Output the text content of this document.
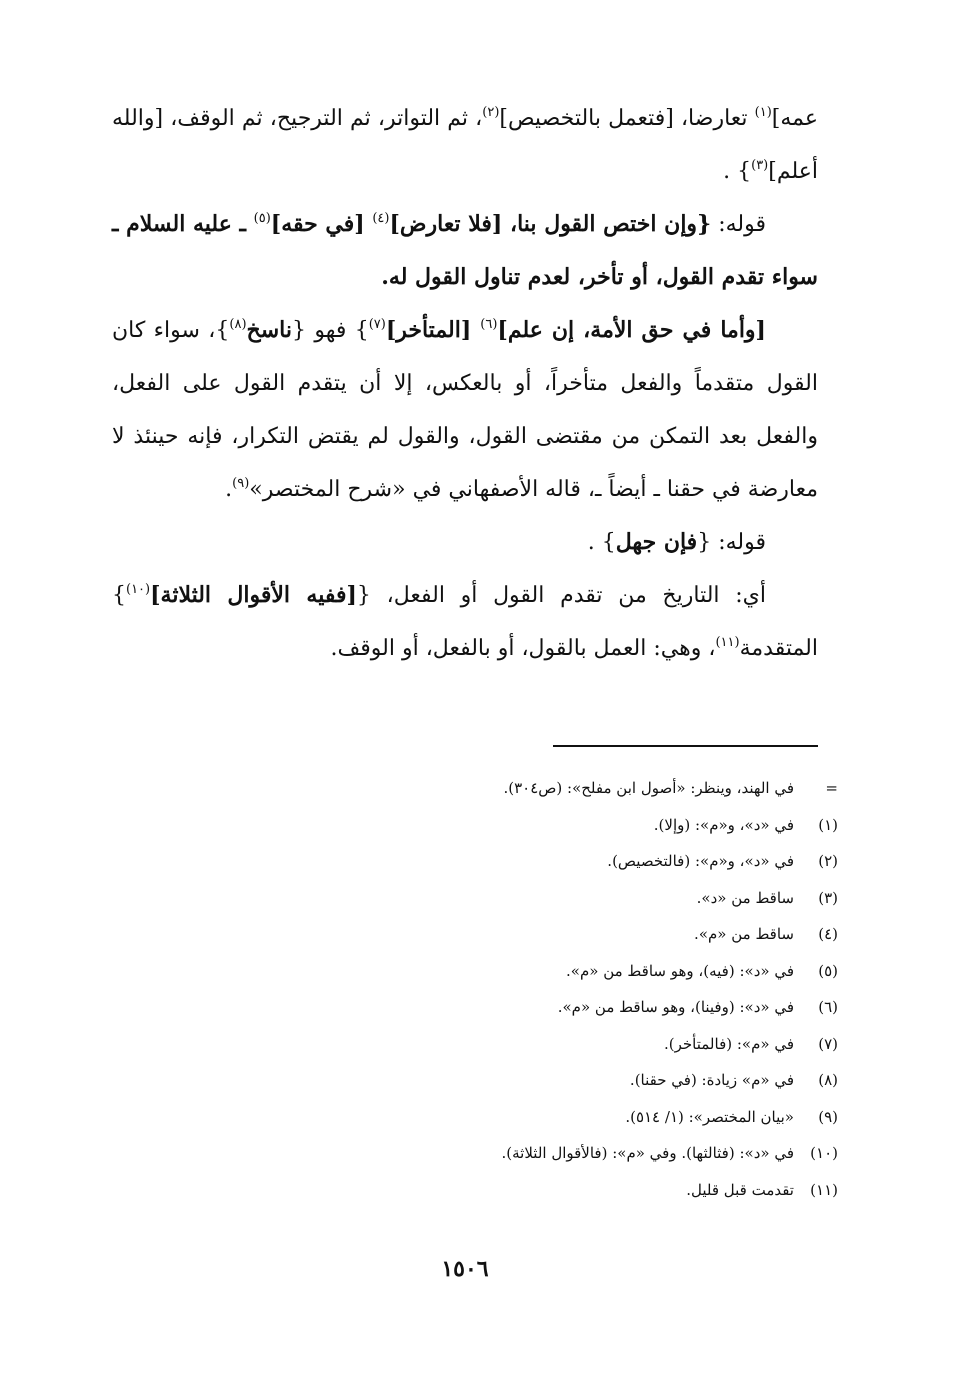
عمه]$^{(١)}$ تعارضا، [فتعمل بالتخصيص]$^{(٢)}$، ثم التواتر، ثم الترجيح، ثم الوقف، [والله أعلم]$^{(٣)}$} .

قوله: {وإن اختص القول بنا، [فلا تعارض]$^{(٤)}$ [في حقه]$^{(٥)}$ ـ عليه السلام ـ سواء تقدم القول، أو تأخر، لعدم تناول القول له.

[وأما في حق الأمة، إن علم]$^{(٦)}$ [المتأخر]$^{(٧)}$} فهو {ناسخ$^{(٨)}$}، سواء كان القول متقدماً والفعل متأخراً، أو بالعكس، إلا أن يتقدم القول على الفعل، والفعل بعد التمكن من مقتضى القول، والقول لم يقتض التكرار، فإنه حينئذ لا معارضة في حقنا ـ أيضاً ـ، قاله الأصفهاني في «شرح المختصر»$^{(٩)}$.

قوله: {فإن جهل} .

أي: التاريخ من تقدم القول أو الفعل، {[ففيه الأقوال الثلاثة]$^{(١٠)}$} المتقدمة$^{(١١)}$، وهي: العمل بالقول، أو بالفعل، أو الوقف.

=في الهند، وينظر: «أصول ابن مفلح»: (ص٣٠٤).
(١)في «د»، و«م»: (وإلا).
(٢)في «د»، و«م»: (فالتخصيص).
(٣)ساقط من «د».
(٤)ساقط من «م».
(٥)في «د»: (فيه)، وهو ساقط من «م».
(٦)في «د»: (وفينا)، وهو ساقط من «م».
(٧)في «م»: (فالمتأخر).
(٨)في «م» زيادة: (في حقنا).
(٩)«بيان المختصر»: (١/ ٥١٤).
(١٠)في «د»: (فثالثها). وفي «م»: (فالأقوال الثلاثة).
(١١)تقدمت قبل قليل.
١٥٠٦
